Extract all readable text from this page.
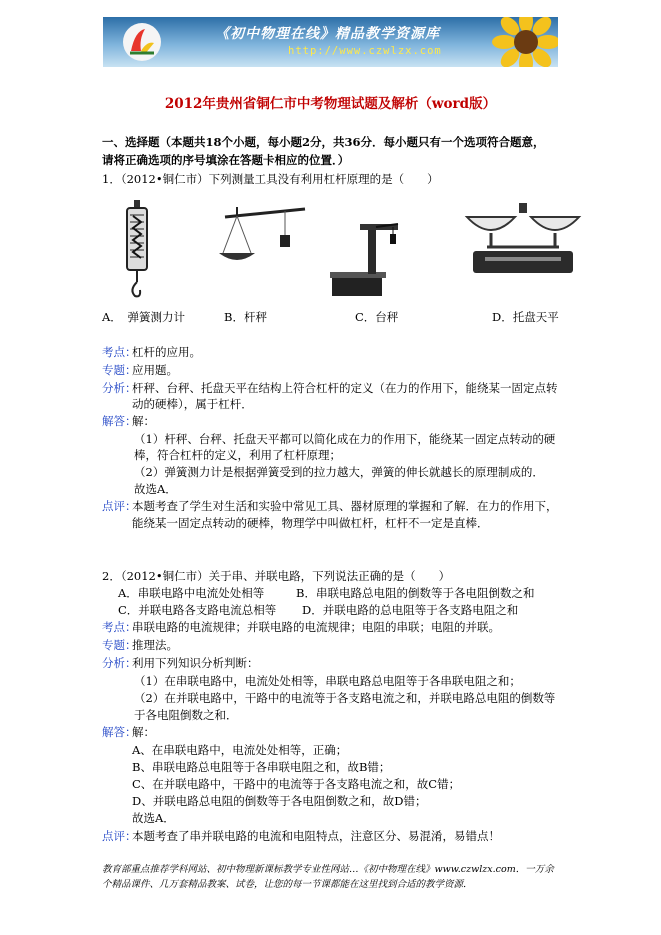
《初中物理在线》精品教学资源库
http://www.czwlzx.com
2012年贵州省铜仁市中考物理试题及解析（word版）
一、选择题（本题共18个小题，每小题2分，共36分．每小题只有一个选项符合题意，
请将正确选项的序号填涂在答题卡相应的位置．）
1．（2012•铜仁市）下列测量工具没有利用杠杆原理的是（　　）
A．　弹簧测力计	B．杆秤	C．台秤	D．托盘天平
考点：
杠杆的应用。
专题：
应用题。
分析：
杆秤、台秤、托盘天平在结构上符合杠杆的定义（在力的作用下，能绕某一固定点转
动的硬棒），属于杠杆．
解答：
解：
（1）杆秤、台秤、托盘天平都可以简化成在力的作用下，能绕某一固定点转动的硬
棒，符合杠杆的定义，利用了杠杆原理；
（2）弹簧测力计是根据弹簧受到的拉力越大，弹簧的伸长就越长的原理制成的．
故选A．
点评：
本题考查了学生对生活和实验中常见工具、器材原理的掌握和了解．在力的作用下，
能绕某一固定点转动的硬棒，物理学中叫做杠杆，杠杆不一定是直棒．
2．（2012•铜仁市）关于串、并联电路，下列说法正确的是（　　）
A．串联电路中电流处处相等	B．串联电路总电阻的倒数等于各电阻倒数之和
C．并联电路各支路电流总相等 D．并联电路的总电阻等于各支路电阻之和
考点：
串联电路的电流规律；并联电路的电流规律；电阻的串联；电阻的并联。
专题：
推理法。
分析：
利用下列知识分析判断：
（1）在串联电路中，电流处处相等，串联电路总电阻等于各串联电阻之和；
（2）在并联电路中，干路中的电流等于各支路电流之和，并联电路总电阻的倒数等
于各电阻倒数之和．
解答：
解：
A、在串联电路中，电流处处相等，正确；
B、串联电路总电阻等于各串联电阻之和，故B错；
C、在并联电路中，干路中的电流等于各支路电流之和，故C错；
D、并联电路总电阻的倒数等于各电阻倒数之和，故D错；
故选A．
点评：
本题考查了串并联电路的电流和电阻特点，注意区分、易混淆，易错点！
教育部重点推荐学科网站、初中物理新课标教学专业性网站…《初中物理在线》www.czwlzx.com．一万余
个精品课件、几万套精品教案、试卷，让您的每一节课都能在这里找到合适的教学资源．
